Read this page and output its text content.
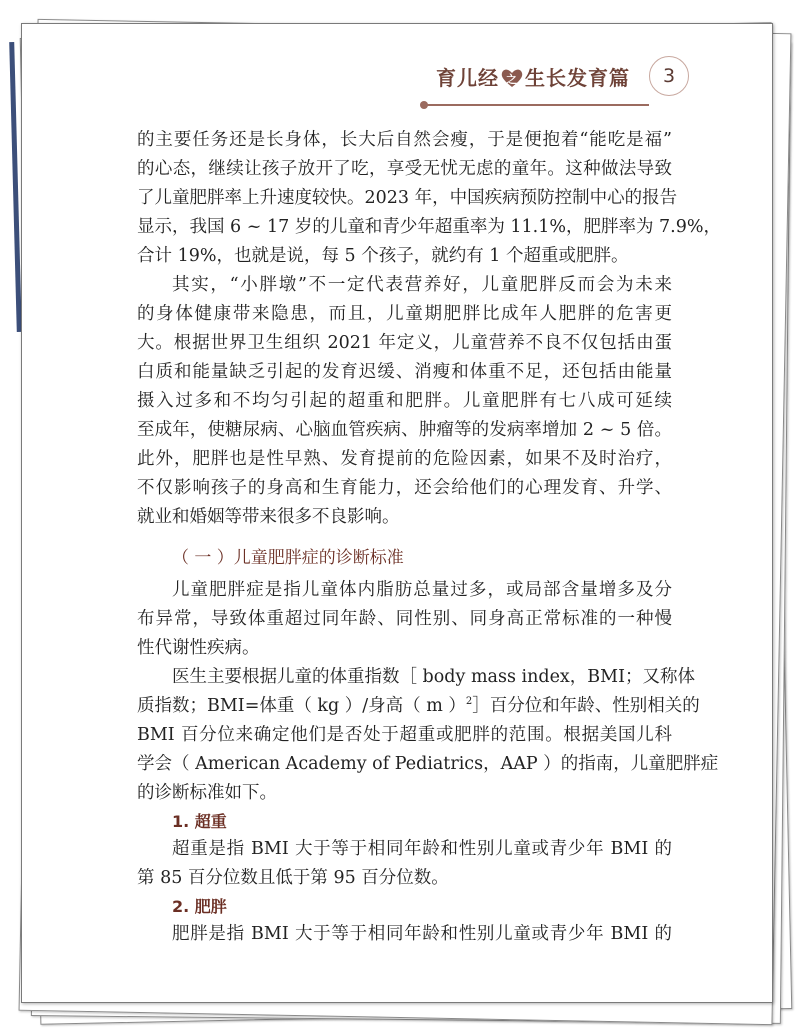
育儿经 之 生长发育篇	3
的主要任务还是长身体，长大后自然会瘦，于是便抱着“能吃是福”
的心态，继续让孩子放开了吃，享受无忧无虑的童年。这种做法导致
了儿童肥胖率上升速度较快。2023 年，中国疾病预防控制中心的报告
显示，我国 6 ~ 17 岁的儿童和青少年超重率为 11.1%，肥胖率为 7.9%，
合计 19%，也就是说，每 5 个孩子，就约有 1 个超重或肥胖。
其实，“小胖墩”不一定代表营养好，儿童肥胖反而会为未来
的身体健康带来隐患，而且，儿童期肥胖比成年人肥胖的危害更
大。根据世界卫生组织 2021 年定义，儿童营养不良不仅包括由蛋
白质和能量缺乏引起的发育迟缓、消瘦和体重不足，还包括由能量
摄入过多和不均匀引起的超重和肥胖。儿童肥胖有七八成可延续
至成年，使糖尿病、心脑血管疾病、肿瘤等的发病率增加 2 ~ 5 倍。
此外，肥胖也是性早熟、发育提前的危险因素，如果不及时治疗，
不仅影响孩子的身高和生育能力，还会给他们的心理发育、升学、
就业和婚姻等带来很多不良影响。
（ 一 ）儿童肥胖症的诊断标准
儿童肥胖症是指儿童体内脂肪总量过多，或局部含量增多及分
布异常，导致体重超过同年龄、同性别、同身高正常标准的一种慢
性代谢性疾病。
医生主要根据儿童的体重指数［ body mass index，BMI；又称体
质指数；BMI=体重（ kg ）/身高（ m ）$^2$］百分位和年龄、性别相关的
BMI 百分位来确定他们是否处于超重或肥胖的范围。根据美国儿科
学会（ American Academy of Pediatrics，AAP ）的指南，儿童肥胖症
的诊断标准如下。
1. 超重
超重是指 BMI 大于等于相同年龄和性别儿童或青少年 BMI 的
第 85 百分位数且低于第 95 百分位数。
2. 肥胖
肥胖是指 BMI 大于等于相同年龄和性别儿童或青少年 BMI 的
